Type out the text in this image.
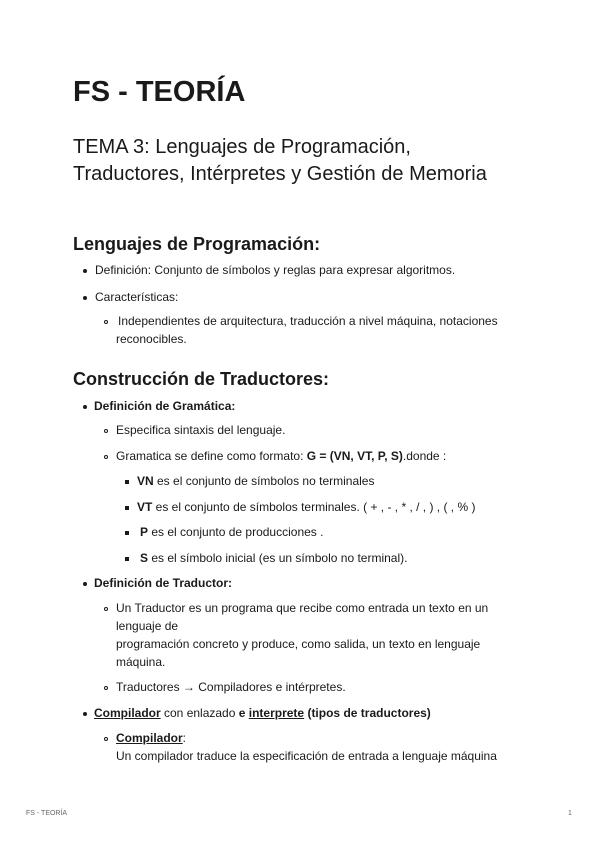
FS - TEORÍA
TEMA 3: Lenguajes de Programación, Traductores, Intérpretes y Gestión de Memoria
Lenguajes de Programación:
Definición: Conjunto de símbolos y reglas para expresar algoritmos.
Características:
Independientes de arquitectura, traducción a nivel máquina, notaciones
reconocibles.
Construcción de Traductores:
Definición de Gramática:
Especifica sintaxis del lenguaje.
Gramatica se define como formato: G = (VN, VT, P, S).donde :
VN es el conjunto de símbolos no terminales
VT es el conjunto de símbolos terminales. ( + , - , * , / , ) , ( , % )
P es el conjunto de producciones .
S es el símbolo inicial (es un símbolo no terminal).
Definición de Traductor:
Un Traductor es un programa que recibe como entrada un texto en un
lenguaje de
programación concreto y produce, como salida, un texto en lenguaje
máquina.
Traductores → Compiladores e intérpretes.
Compilador con enlazado e interprete (tipos de traductores)
Compilador:
Un compilador traduce la especificación de entrada a lenguaje máquina
FS - TEORÍA	1
